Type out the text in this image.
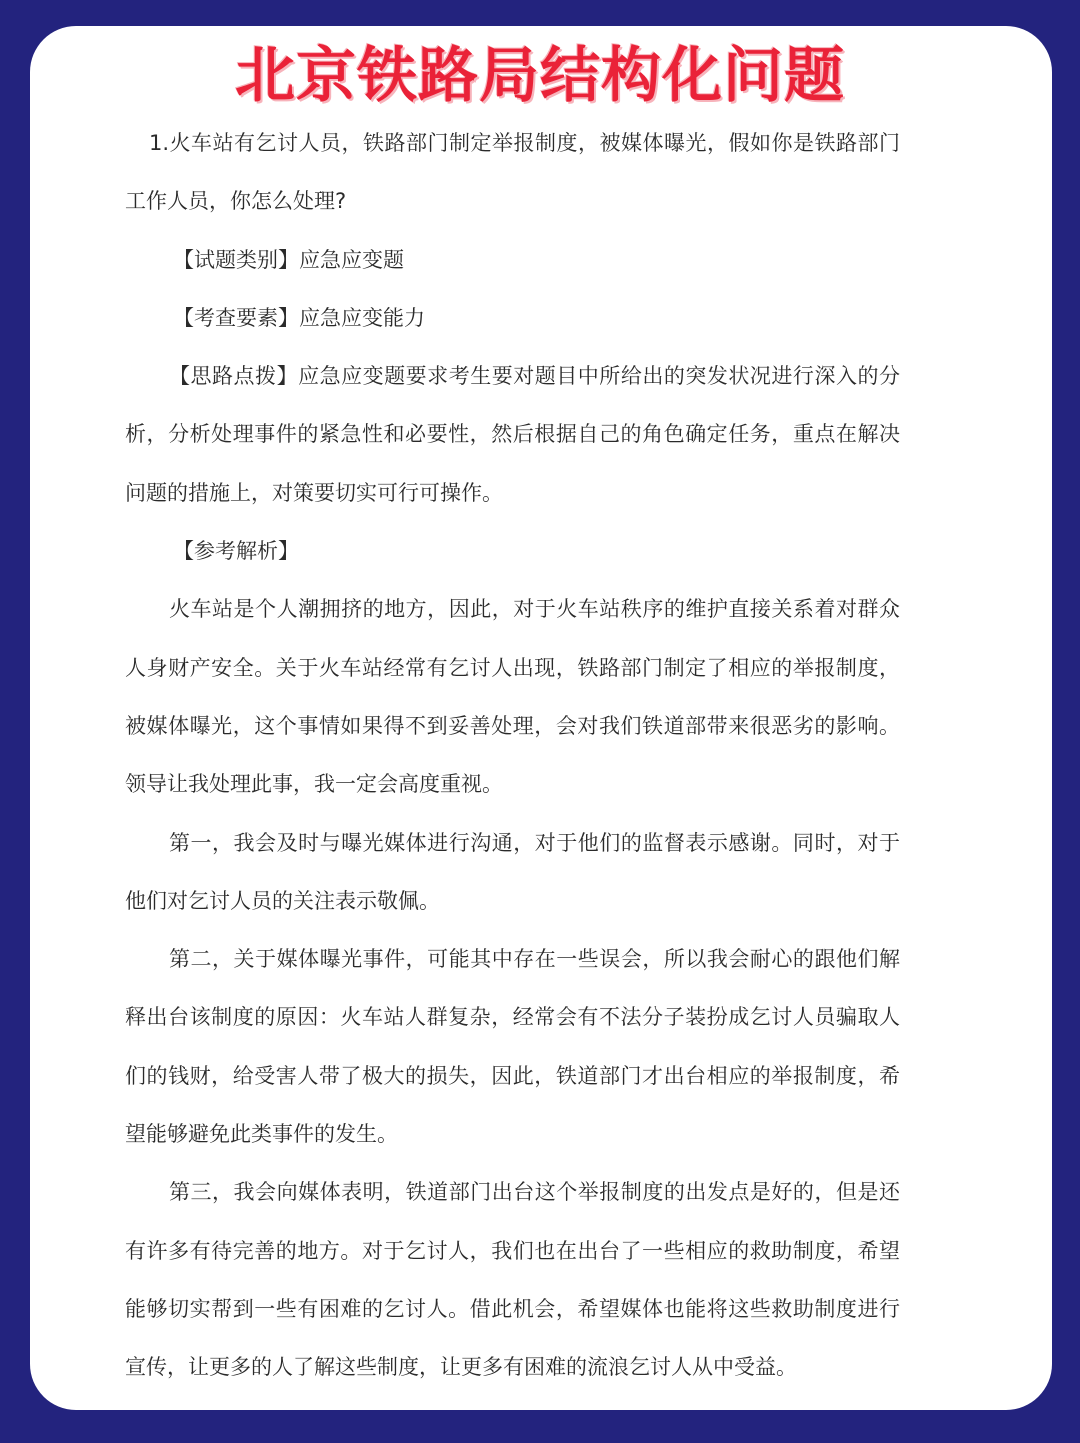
北京铁路局结构化问题

1.火车站有乞讨人员，铁路部门制定举报制度，被媒体曝光，假如你是铁路部门工作人员，你怎么处理?

【试题类别】应急应变题

【考查要素】应急应变能力

【思路点拨】应急应变题要求考生要对题目中所给出的突发状况进行深入的分析，分析处理事件的紧急性和必要性，然后根据自己的角色确定任务，重点在解决问题的措施上，对策要切实可行可操作。

【参考解析】

火车站是个人潮拥挤的地方，因此，对于火车站秩序的维护直接关系着对群众人身财产安全。关于火车站经常有乞讨人出现，铁路部门制定了相应的举报制度，被媒体曝光，这个事情如果得不到妥善处理，会对我们铁道部带来很恶劣的影响。领导让我处理此事，我一定会高度重视。

第一，我会及时与曝光媒体进行沟通，对于他们的监督表示感谢。同时，对于他们对乞讨人员的关注表示敬佩。

第二，关于媒体曝光事件，可能其中存在一些误会，所以我会耐心的跟他们解释出台该制度的原因：火车站人群复杂，经常会有不法分子装扮成乞讨人员骗取人们的钱财，给受害人带了极大的损失，因此，铁道部门才出台相应的举报制度，希望能够避免此类事件的发生。

第三，我会向媒体表明，铁道部门出台这个举报制度的出发点是好的，但是还有许多有待完善的地方。对于乞讨人，我们也在出台了一些相应的救助制度，希望能够切实帮到一些有困难的乞讨人。借此机会，希望媒体也能将这些救助制度进行宣传，让更多的人了解这些制度，让更多有困难的流浪乞讨人从中受益。
